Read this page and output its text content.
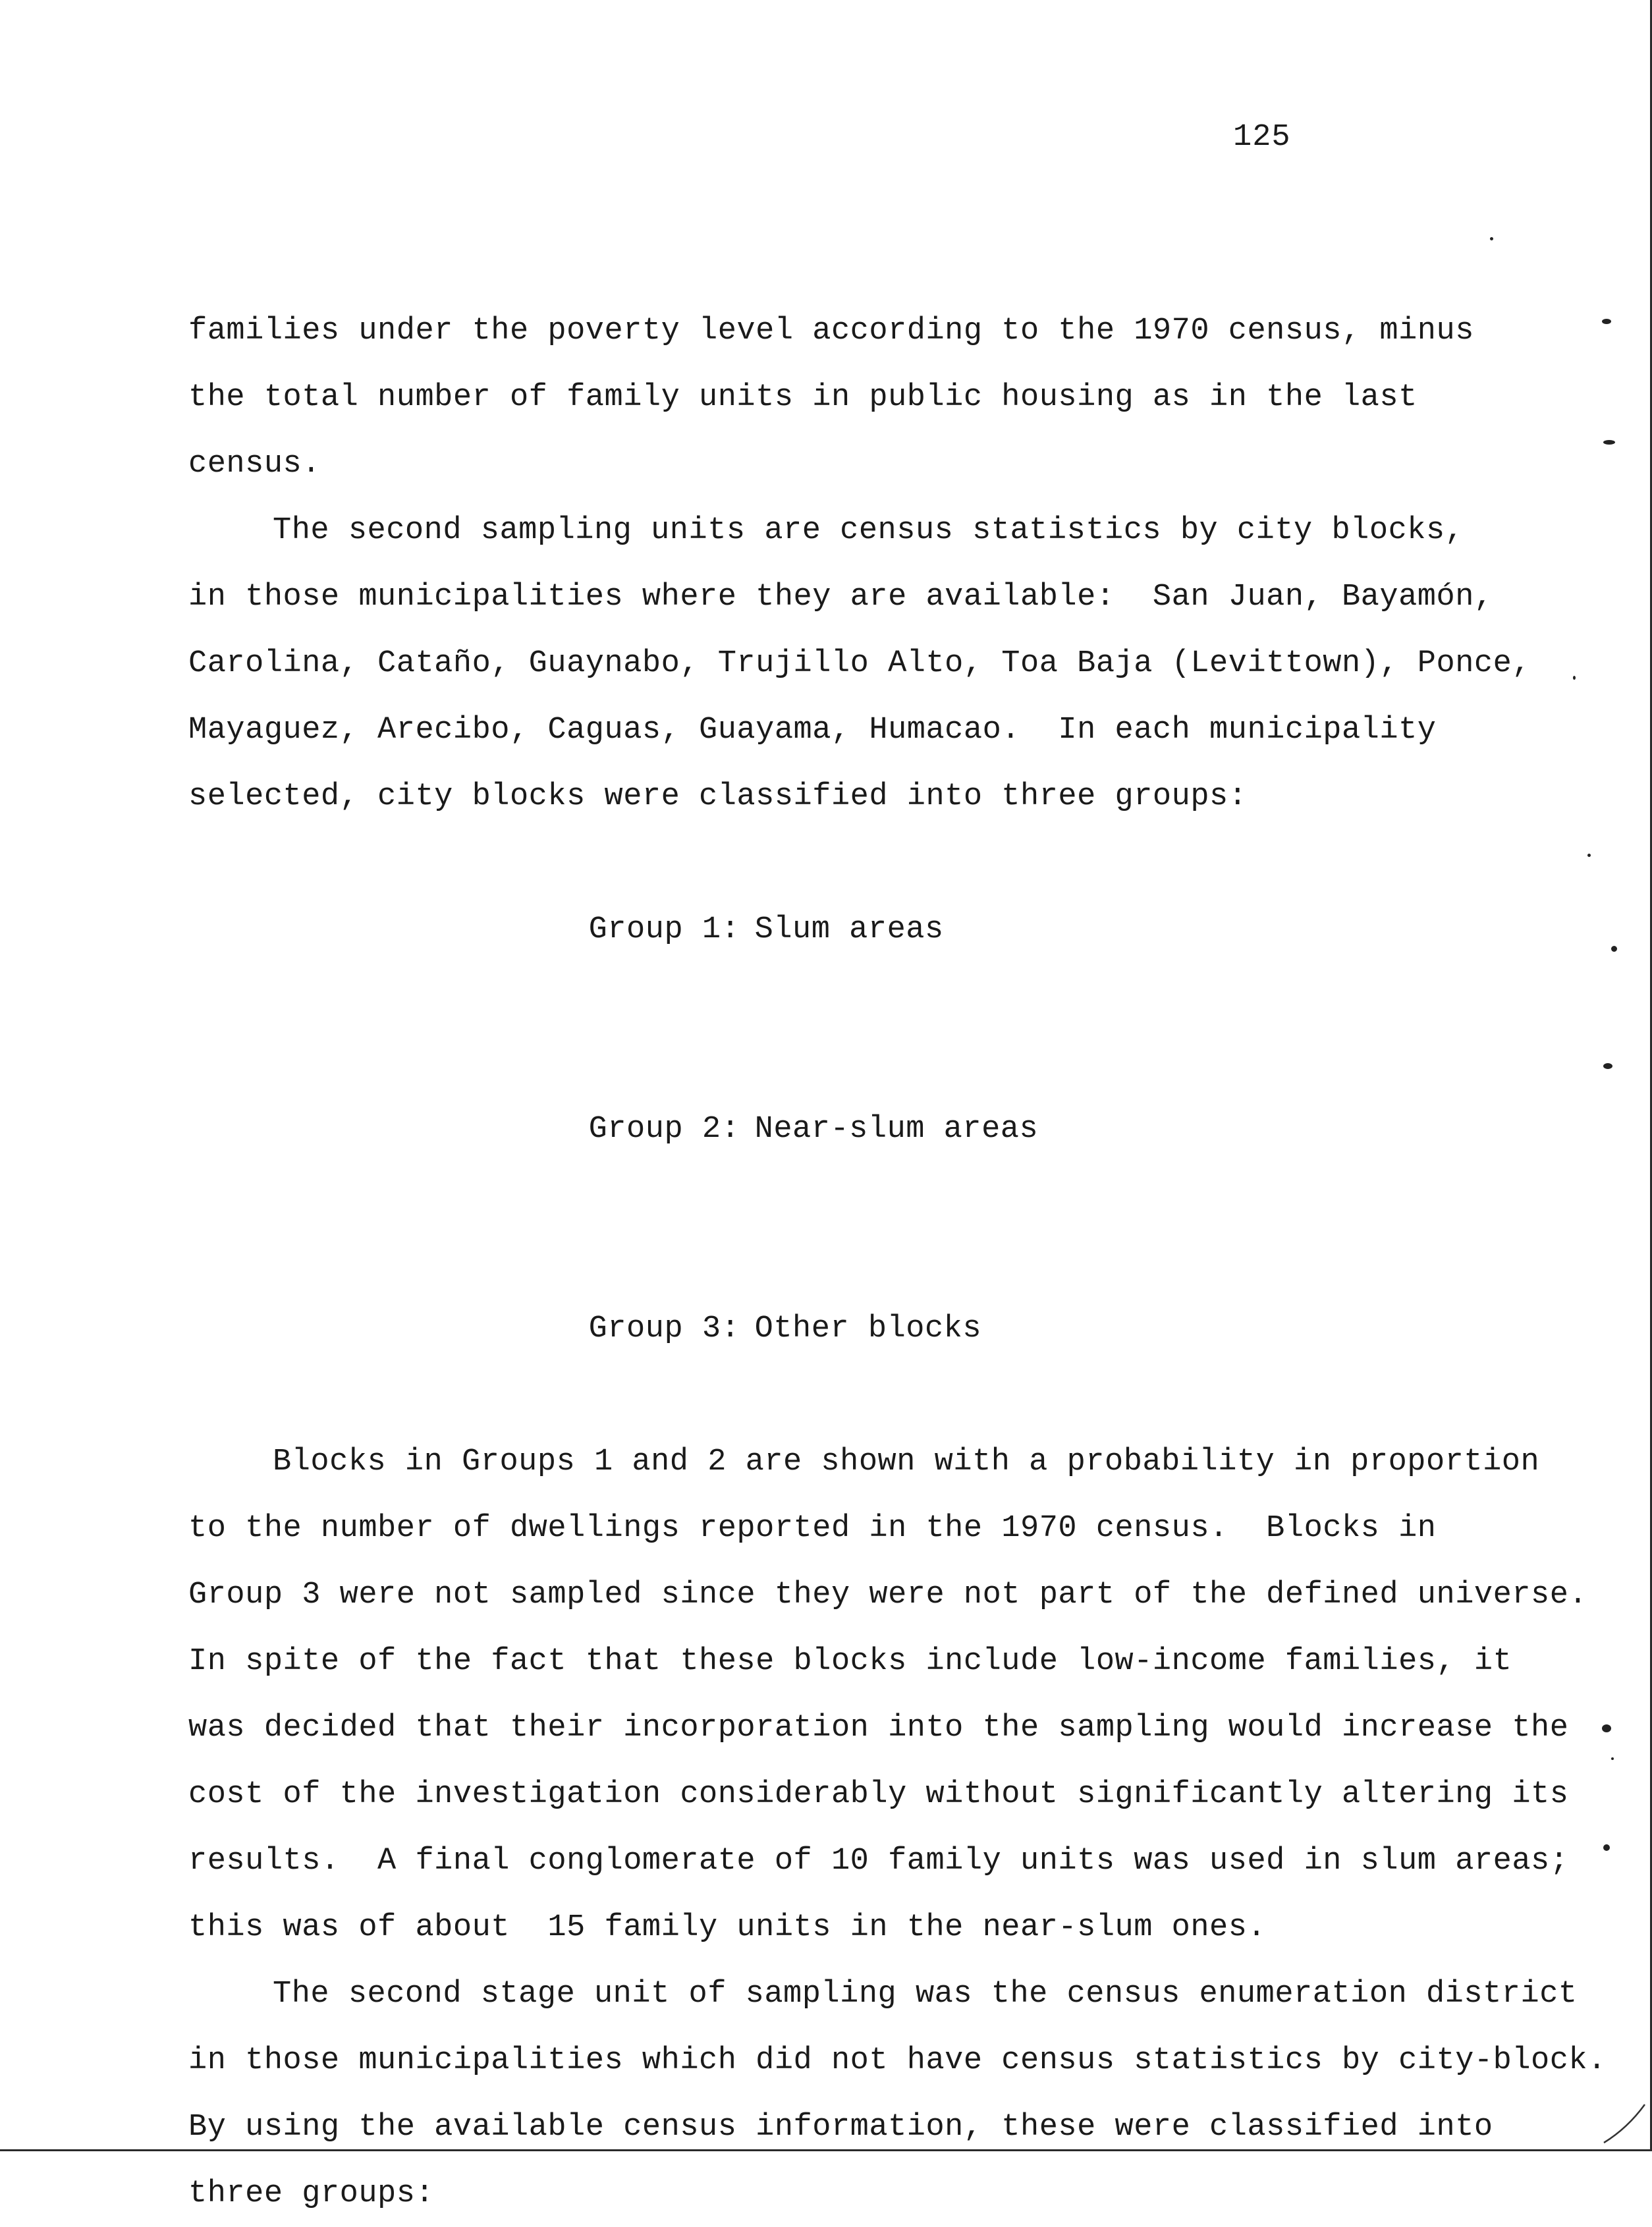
125

families under the poverty level according to the 1970 census, minus

the total number of family units in public housing as in the last

census.

The second sampling units are census statistics by city blocks,

in those municipalities where they are available:  San Juan, Bayamón,

Carolina, Cataño, Guaynabo, Trujillo Alto, Toa Baja (Levittown), Ponce,

Mayaguez, Arecibo, Caguas, Guayama, Humacao.  In each municipality

selected, city blocks were classified into three groups:

Group 1: Slum areas

Group 2: Near-slum areas

Group 3: Other blocks

Blocks in Groups 1 and 2 are shown with a probability in proportion

to the number of dwellings reported in the 1970 census.  Blocks in

Group 3 were not sampled since they were not part of the defined universe.

In spite of the fact that these blocks include low-income families, it

was decided that their incorporation into the sampling would increase the

cost of the investigation considerably without significantly altering its

results.  A final conglomerate of 10 family units was used in slum areas;

this was of about  15 family units in the near-slum ones.

The second stage unit of sampling was the census enumeration district

in those municipalities which did not have census statistics by city-block.

By using the available census information, these were classified into

three groups:
